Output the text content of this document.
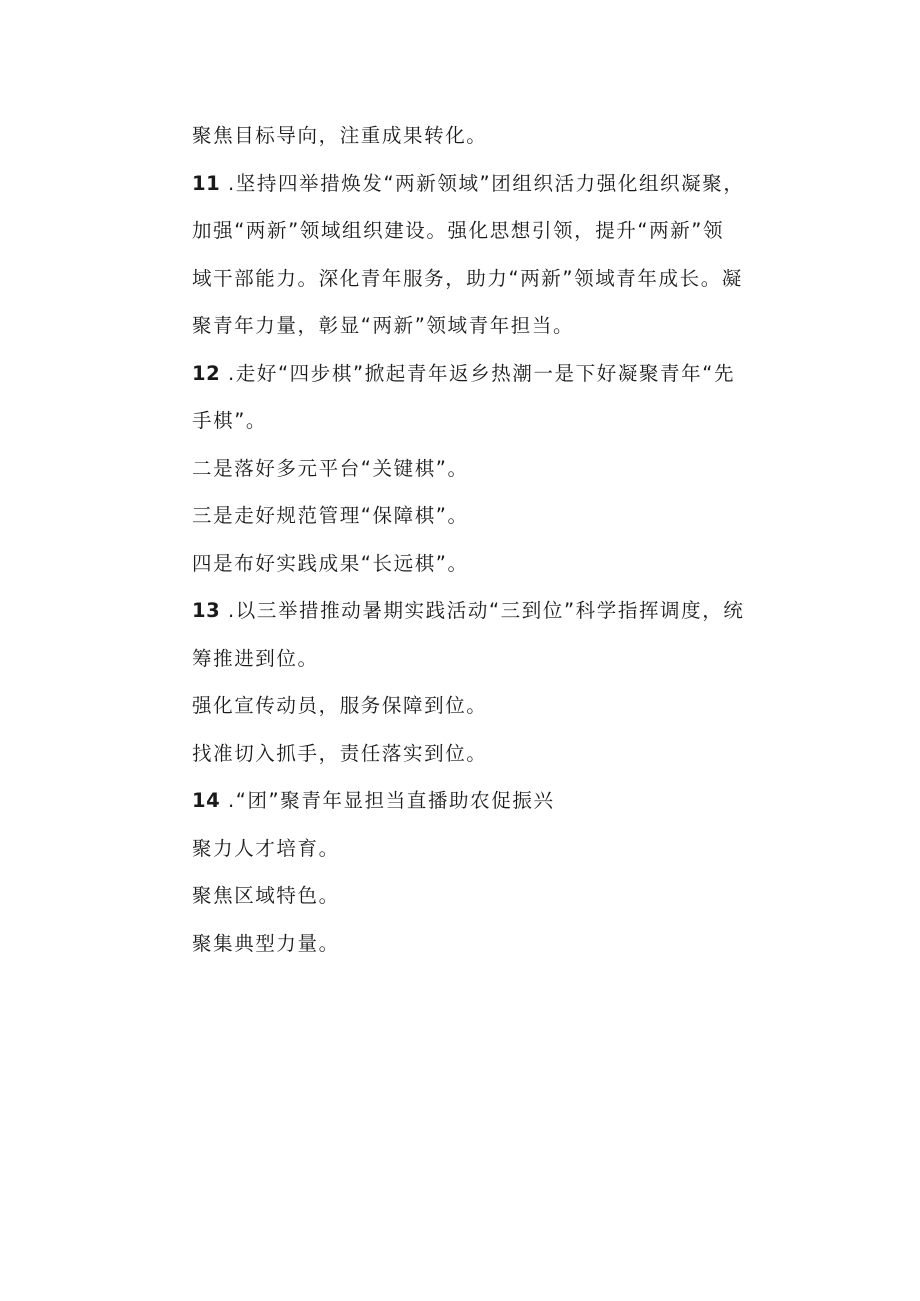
聚焦目标导向，注重成果转化。
11 .坚持四举措焕发“两新领域”团组织活力强化组织凝聚，
加强“两新”领域组织建设。强化思想引领，提升“两新”领
域干部能力。深化青年服务，助力“两新”领域青年成长。凝
聚青年力量，彰显“两新”领域青年担当。
12 .走好“四步棋”掀起青年返乡热潮一是下好凝聚青年“先
手棋”。
二是落好多元平台“关键棋”。
三是走好规范管理“保障棋”。
四是布好实践成果“长远棋”。
13 .以三举措推动暑期实践活动“三到位”科学指挥调度，统
筹推进到位。
强化宣传动员，服务保障到位。
找准切入抓手，责任落实到位。
14 .“团”聚青年显担当直播助农促振兴
聚力人才培育。
聚焦区域特色。
聚集典型力量。
